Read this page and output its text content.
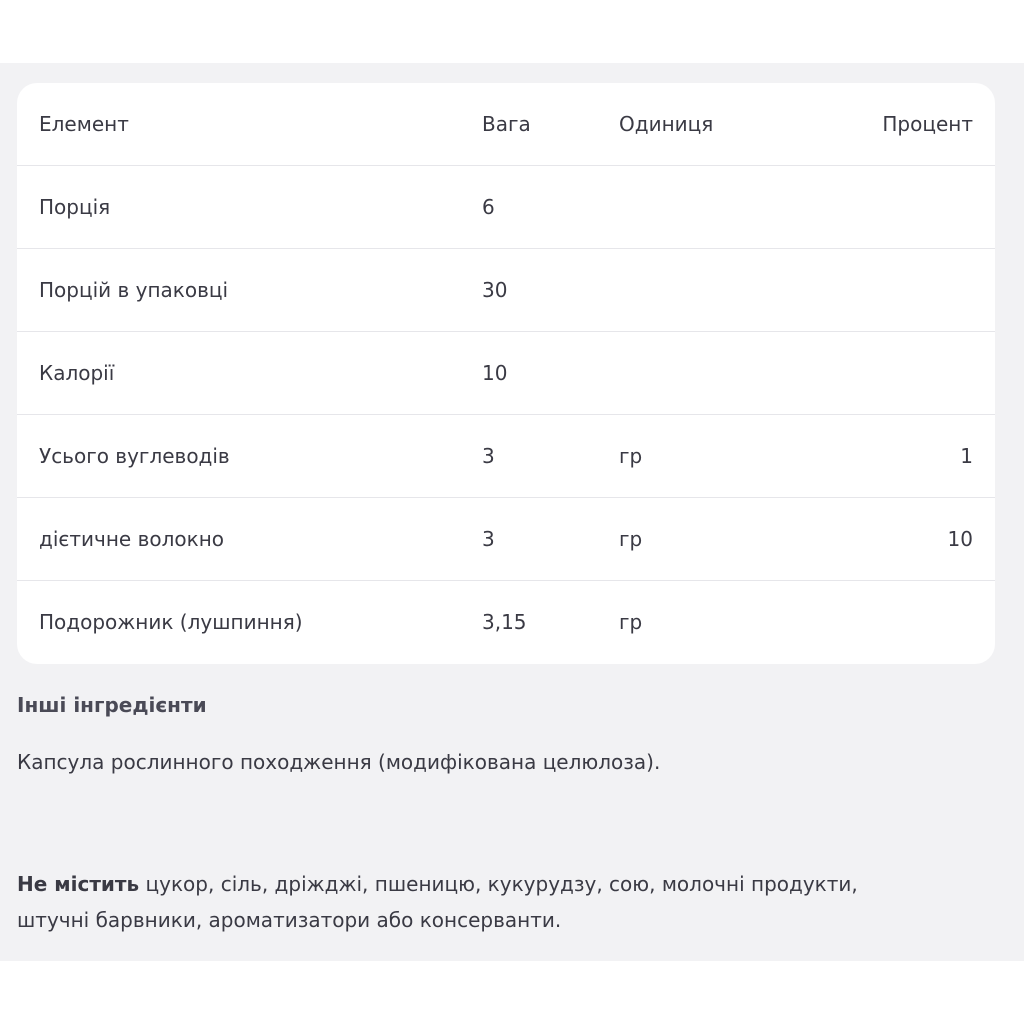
Елемент	Вага	Одиниця	Процент
Порція	6
Порцій в упаковці	30
Калорії	10
Усього вуглеводів	3	гр	1
дієтичне волокно	3	гр	10
Подорожник (лушпиння)	3,15	гр
Інші інгредієнти
Капсула рослинного походження (модифікована целюлоза).
Не містить цукор, сіль, дріжджі, пшеницю, кукурудзу, сою, молочні продукти, штучні барвники, ароматизатори або консерванти.
